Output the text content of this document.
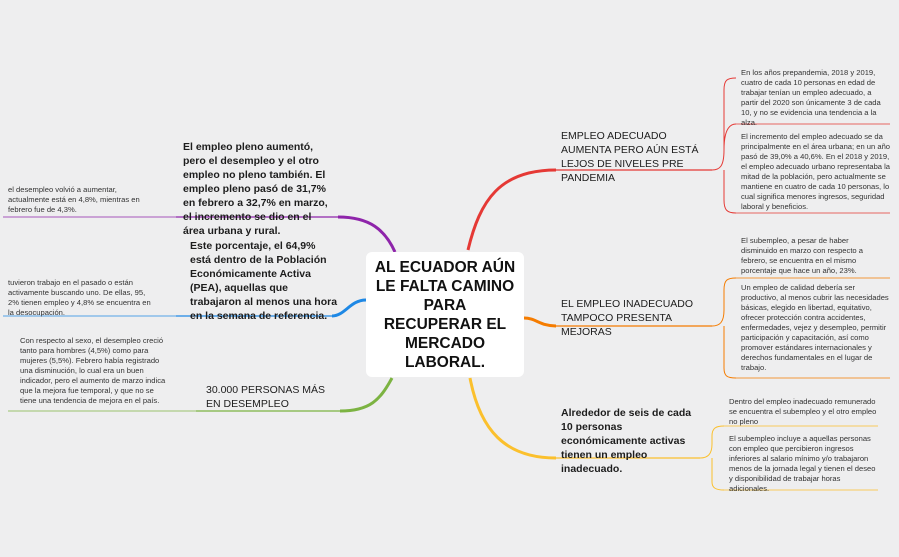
AL ECUADOR AÚN LE FALTA CAMINO PARA RECUPERAR EL MERCADO LABORAL.
EMPLEO ADECUADO AUMENTA PERO AÚN ESTÁ LEJOS DE NIVELES PRE PANDEMIA
En los años prepandemia, 2018 y 2019, cuatro de cada 10 personas en edad de trabajar tenían un empleo adecuado, a partir del 2020 son únicamente 3 de cada 10, y no se evidencia una tendencia a la alza.
El incremento del empleo adecuado se da principalmente en el área urbana; en un año pasó de 39,0% a 40,6%. En el 2018 y 2019, el empleo adecuado urbano representaba la mitad de la población, pero actualmente se mantiene en cuatro de cada 10 personas, lo cual significa menores ingresos, seguridad laboral y beneficios.
EL EMPLEO INADECUADO TAMPOCO PRESENTA MEJORAS
El subempleo, a pesar de haber disminuido en marzo con respecto a febrero, se encuentra en el mismo porcentaje que hace un año, 23%.
Un empleo de calidad debería ser productivo, al menos cubrir las necesidades básicas, elegido en libertad, equitativo, ofrecer protección contra accidentes, enfermedades, vejez y desempleo, permitir participación y capacitación, así como promover estándares internacionales y derechos fundamentales en el lugar de trabajo.
Alrededor de seis de cada 10 personas económicamente activas tienen un empleo inadecuado.
Dentro del empleo inadecuado remunerado se encuentra el subempleo y el otro empleo no pleno
El subempleo incluye a aquellas personas con empleo que percibieron ingresos inferiores al salario mínimo y/o trabajaron menos de la jornada legal y tienen el deseo y disponibilidad de trabajar horas adicionales.
El empleo pleno aumentó, pero el desempleo y el otro empleo no pleno también. El empleo pleno pasó de 31,7% en febrero a 32,7% en marzo, el incremento se dio en el área urbana y rural.
el desempleo volvió a aumentar, actualmente está en 4,8%, mientras en febrero fue de 4,3%.
Este porcentaje, el 64,9% está dentro de la Población Económicamente Activa (PEA), aquellas que trabajaron al menos una hora en la semana de referencia.
tuvieron trabajo en el pasado o están activamente buscando uno. De ellas, 95, 2% tienen empleo y 4,8% se encuentra en la desocupación.
30.000 PERSONAS MÁS EN DESEMPLEO
Con respecto al sexo, el desempleo creció tanto para hombres (4,5%) como para mujeres (5,5%). Febrero había registrado una disminución, lo cual era un buen indicador, pero el aumento de marzo indica que la mejora fue temporal, y que no se tiene una tendencia de mejora en el país.
